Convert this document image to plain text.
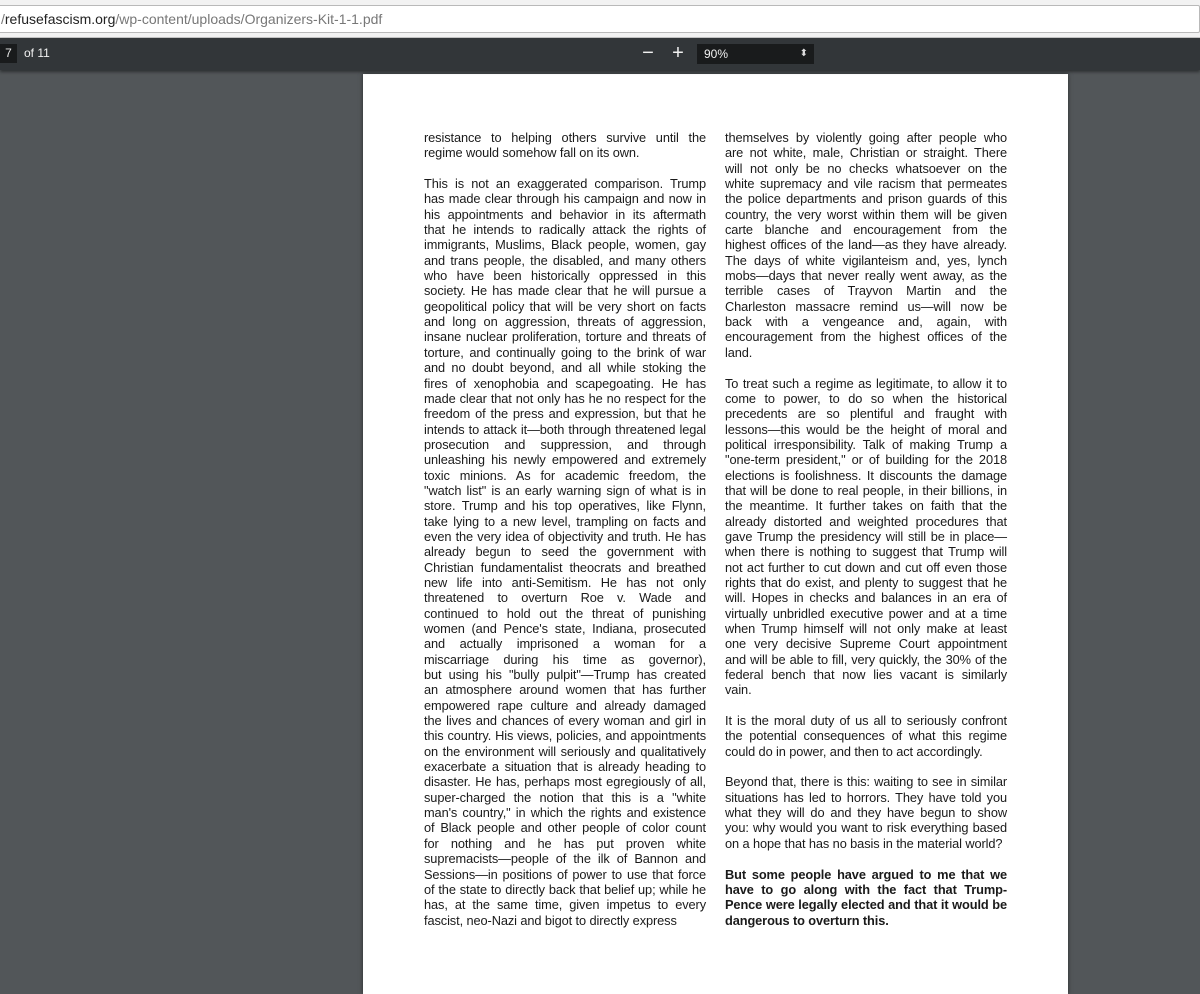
/refusefascism.org/wp-content/uploads/Organizers-Kit-1-1.pdf
7	of 11	− +	90%	⬍

resistance to helping others survive until the
regime would somehow fall on its own.

This is not an exaggerated comparison. Trump
has made clear through his campaign and now in
his appointments and behavior in its aftermath
that he intends to radically attack the rights of
immigrants, Muslims, Black people, women, gay
and trans people, the disabled, and many others
who have been historically oppressed in this
society. He has made clear that he will pursue a
geopolitical policy that will be very short on facts
and long on aggression, threats of aggression,
insane nuclear proliferation, torture and threats of
torture, and continually going to the brink of war
and no doubt beyond, and all while stoking the
fires of xenophobia and scapegoating. He has
made clear that not only has he no respect for the
freedom of the press and expression, but that he
intends to attack it—both through threatened legal
prosecution and suppression, and through
unleashing his newly empowered and extremely
toxic minions. As for academic freedom, the
"watch list" is an early warning sign of what is in
store. Trump and his top operatives, like Flynn,
take lying to a new level, trampling on facts and
even the very idea of objectivity and truth. He has
already begun to seed the government with
Christian fundamentalist theocrats and breathed
new life into anti-Semitism. He has not only
threatened to overturn Roe v. Wade and
continued to hold out the threat of punishing
women (and Pence's state, Indiana, prosecuted
and actually imprisoned a woman for a
miscarriage during his time as governor),
but using his "bully pulpit"—Trump has created
an atmosphere around women that has further
empowered rape culture and already damaged
the lives and chances of every woman and girl in
this country. His views, policies, and appointments
on the environment will seriously and qualitatively
exacerbate a situation that is already heading to
disaster. He has, perhaps most egregiously of all,
super-charged the notion that this is a "white
man's country," in which the rights and existence
of Black people and other people of color count
for nothing and he has put proven white
supremacists—people of the ilk of Bannon and
Sessions—in positions of power to use that force
of the state to directly back that belief up; while he
has, at the same time, given impetus to every
fascist, neo-Nazi and bigot to directly express

themselves by violently going after people who
are not white, male, Christian or straight. There
will not only be no checks whatsoever on the
white supremacy and vile racism that permeates
the police departments and prison guards of this
country, the very worst within them will be given
carte blanche and encouragement from the
highest offices of the land—as they have already.
The days of white vigilanteism and, yes, lynch
mobs—days that never really went away, as the
terrible cases of Trayvon Martin and the
Charleston massacre remind us—will now be
back with a vengeance and, again, with
encouragement from the highest offices of the
land.

To treat such a regime as legitimate, to allow it to
come to power, to do so when the historical
precedents are so plentiful and fraught with
lessons—this would be the height of moral and
political irresponsibility. Talk of making Trump a
"one-term president," or of building for the 2018
elections is foolishness. It discounts the damage
that will be done to real people, in their billions, in
the meantime. It further takes on faith that the
already distorted and weighted procedures that
gave Trump the presidency will still be in place—
when there is nothing to suggest that Trump will
not act further to cut down and cut off even those
rights that do exist, and plenty to suggest that he
will. Hopes in checks and balances in an era of
virtually unbridled executive power and at a time
when Trump himself will not only make at least
one very decisive Supreme Court appointment
and will be able to fill, very quickly, the 30% of the
federal bench that now lies vacant is similarly
vain.

It is the moral duty of us all to seriously confront
the potential consequences of what this regime
could do in power, and then to act accordingly.

Beyond that, there is this: waiting to see in similar
situations has led to horrors. They have told you
what they will do and they have begun to show
you: why would you want to risk everything based
on a hope that has no basis in the material world?

But some people have argued to me that we
have to go along with the fact that Trump-
Pence were legally elected and that it would be
dangerous to overturn this.
